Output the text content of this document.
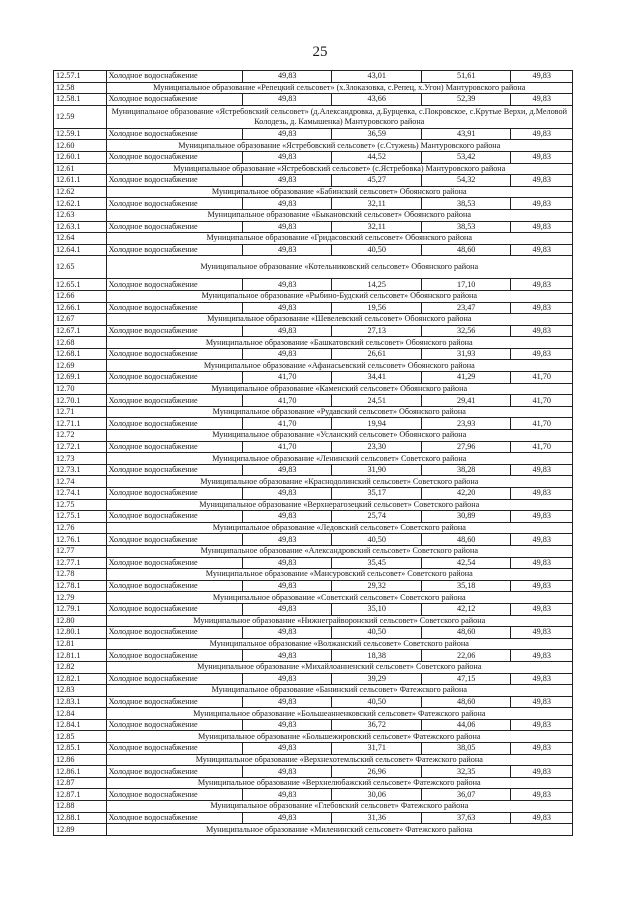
25
12.57.1	Холодное водоснабжение	49,83	43,01	51,61	49,83
12.58	Муниципальное образование «Репецкий сельсовет» (х.Злоказовка, с.Репец, х.Угон) Мантуровского района				
12.58.1	Холодное водоснабжение	49,83	43,66	52,39	49,83
12.59	Муниципальное образование «Ястребовский сельсовет» (д.Александровка, д.Бурцевка, с.Покровское, с.Крутые Верхи, д.Меловой Колодезь, д. Камышенка) Мантуровского района				
12.59.1	Холодное водоснабжение	49,83	36,59	43,91	49,83
12.60	Муниципальное образование «Ястребовский сельсовет» (с.Стужень) Мантуровского района				
12.60.1	Холодное водоснабжение	49,83	44,52	53,42	49,83
12.61	Муниципальное образование «Ястребовский сельсовет» (с.Ястребовка) Мантуровского района				
12.61.1	Холодное водоснабжение	49,83	45,27	54,32	49,83
12.62	Муниципальное образование «Бабинский сельсовет» Обоянского района				
12.62.1	Холодное водоснабжение	49,83	32,11	38,53	49,83
12.63	Муниципальное образование «Быкановский сельсовет» Обоянского района				
12.63.1	Холодное водоснабжение	49,83	32,11	38,53	49,83
12.64	Муниципальное образование «Гридасовский сельсовет» Обоянского района				
12.64.1	Холодное водоснабжение	49,83	40,50	48,60	49,83
12.65	Муниципальное образование «Котельниковский сельсовет» Обоянского района				
12.65.1	Холодное водоснабжение	49,83	14,25	17,10	49,83
12.66	Муниципальное образование «Рыбино-Будский сельсовет» Обоянского района				
12.66.1	Холодное водоснабжение	49,83	19,56	23,47	49,83
12.67	Муниципальное образование «Шевелевский сельсовет» Обоянского района				
12.67.1	Холодное водоснабжение	49,83	27,13	32,56	49,83
12.68	Муниципальное образование «Башкатовский сельсовет» Обоянского района				
12.68.1	Холодное водоснабжение	49,83	26,61	31,93	49,83
12.69	Муниципальное образование «Афанасьевский сельсовет» Обоянского района				
12.69.1	Холодное водоснабжение	41,70	34,41	41,29	41,70
12.70	Муниципальное образование «Каменский сельсовет» Обоянского района				
12.70.1	Холодное водоснабжение	41,70	24,51	29,41	41,70
12.71	Муниципальное образование «Рудавский сельсовет» Обоянского района				
12.71.1	Холодное водоснабжение	41,70	19,94	23,93	41,70
12.72	Муниципальное образование «Усланский сельсовет» Обоянского района				
12.72.1	Холодное водоснабжение	41,70	23,30	27,96	41,70
12.73	Муниципальное образование «Ленинский сельсовет» Советского района				
12.73.1	Холодное водоснабжение	49,83	31,90	38,28	49,83
12.74	Муниципальное образование «Краснодолинский сельсовет» Советского района				
12.74.1	Холодное водоснабжение	49,83	35,17	42,20	49,83
12.75	Муниципальное образование «Верхнерагозецкий сельсовет» Советского района				
12.75.1	Холодное водоснабжение	49,83	25,74	30,89	49,83
12.76	Муниципальное образование «Ледовский сельсовет» Советского района				
12.76.1	Холодное водоснабжение	49,83	40,50	48,60	49,83
12.77	Муниципальное образование «Александровский сельсовет» Советского района				
12.77.1	Холодное водоснабжение	49,83	35,45	42,54	49,83
12.78	Муниципальное образование «Мансуровский сельсовет» Советского района				
12.78.1	Холодное водоснабжение	49,83	29,32	35,18	49,83
12.79	Муниципальное образование «Советский сельсовет» Советского района				
12.79.1	Холодное водоснабжение	49,83	35,10	42,12	49,83
12.80	Муниципальное образование «Нижнеграйворонский сельсовет» Советского района				
12.80.1	Холодное водоснабжение	49,83	40,50	48,60	49,83
12.81	Муниципальное образование «Волжанский сельсовет» Советского района				
12.81.1	Холодное водоснабжение	49,83	18,38	22,06	49,83
12.82	Муниципальное образование «Михайлоанненский сельсовет» Советского района				
12.82.1	Холодное водоснабжение	49,83	39,29	47,15	49,83
12.83	Муниципальное образование «Банинский сельсовет» Фатежского района				
12.83.1	Холодное водоснабжение	49,83	40,50	48,60	49,83
12.84	Муниципальное образование «Большеанненковский сельсовет» Фатежского района				
12.84.1	Холодное водоснабжение	49,83	36,72	44,06	49,83
12.85	Муниципальное образование «Большежировский сельсовет» Фатежского района				
12.85.1	Холодное водоснабжение	49,83	31,71	38,05	49,83
12.86	Муниципальное образование «Верхнехотемльский сельсовет» Фатежского района				
12.86.1	Холодное водоснабжение	49,83	26,96	32,35	49,83
12.87	Муниципальное образование «Верхнелюбажский сельсовет» Фатежского района				
12.87.1	Холодное водоснабжение	49,83	30,06	36,07	49,83
12.88	Муниципальное образование «Глебовский сельсовет» Фатежского района				
12.88.1	Холодное водоснабжение	49,83	31,36	37,63	49,83
12.89	Муниципальное образование «Миленинский сельсовет» Фатежского района				
